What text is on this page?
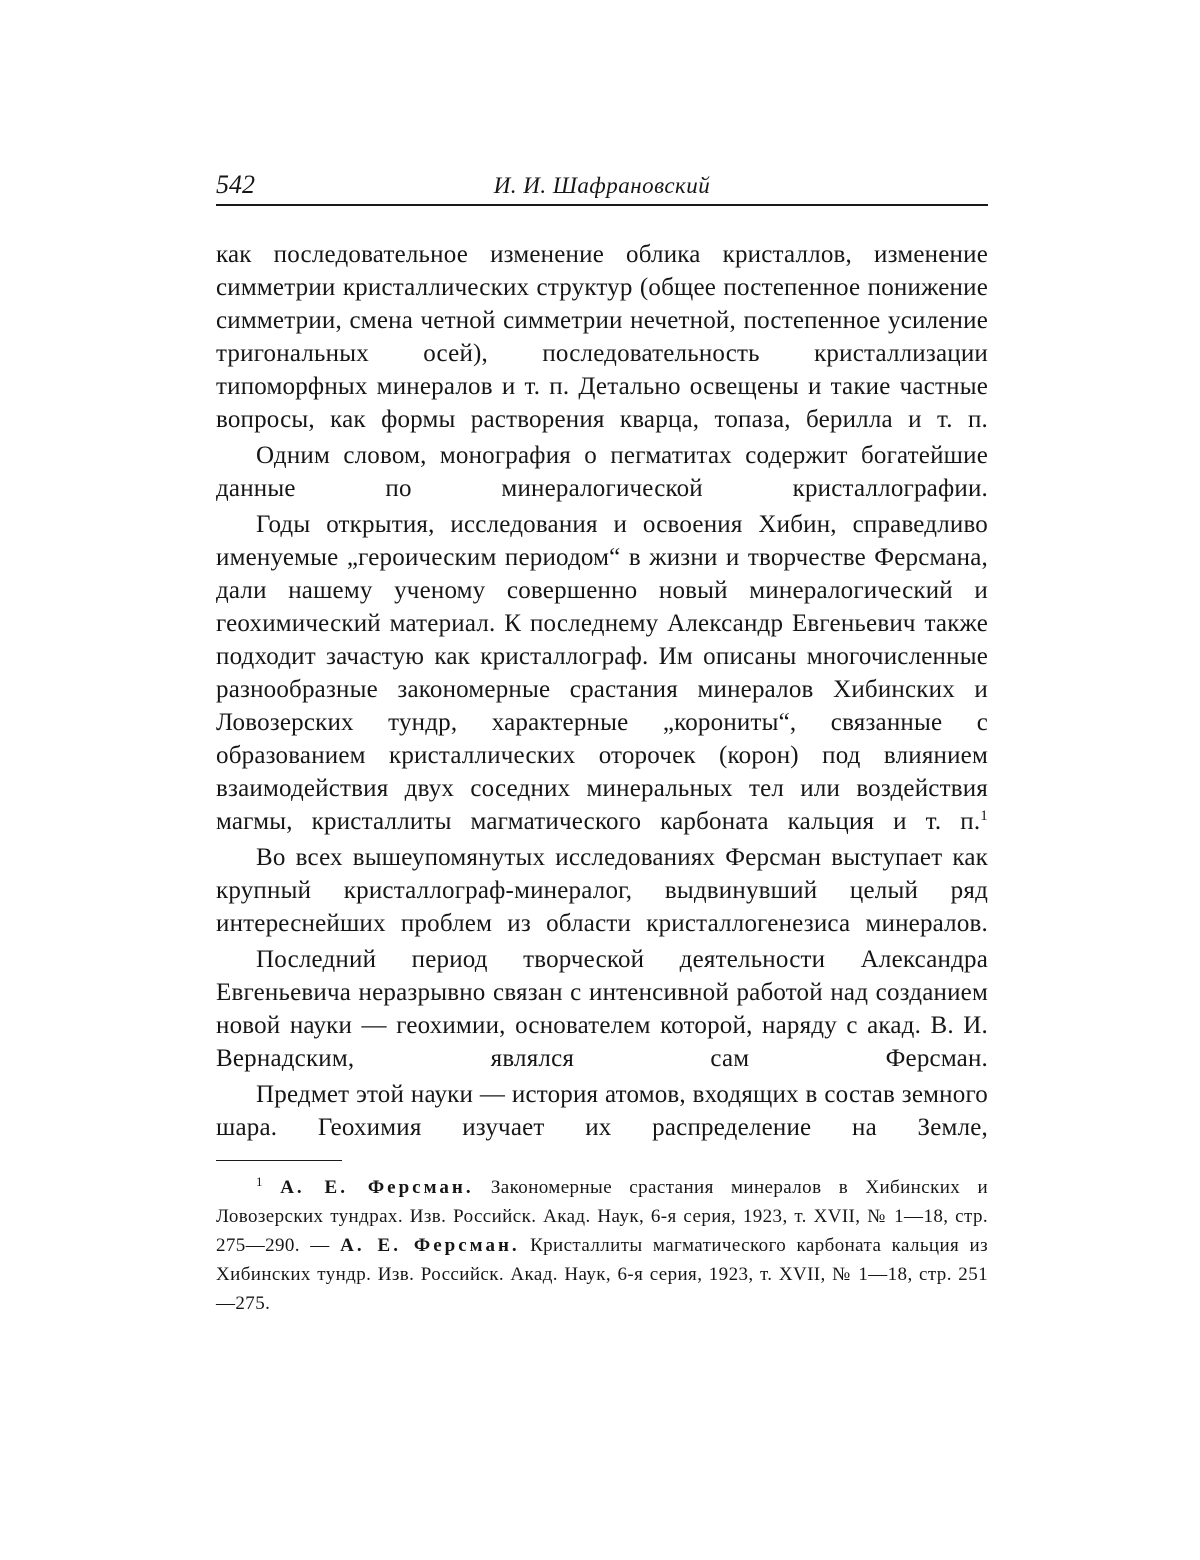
542	И. И. Шафрановский

как последовательное изменение облика кристаллов, изменение симметрии кристаллических структур (общее постепенное понижение симметрии, смена четной симметрии нечетной, постепенное усиление тригональных осей), последовательность кристаллизации типоморфных минералов и т. п. Детально освещены и такие частные вопросы, как формы растворения кварца, топаза, берилла и т. п.

Одним словом, монография о пегматитах содержит богатейшие данные по минералогической кристаллографии.

Годы открытия, исследования и освоения Хибин, справедливо именуемые „героическим периодом“ в жизни и творчестве Ферсмана, дали нашему ученому совершенно новый минералогический и геохимический материал. К последнему Александр Евгеньевич также подходит зачастую как кристаллограф. Им описаны многочисленные разнообразные закономерные срастания минералов Хибинских и Ловозерских тундр, характерные „корониты“, связанные с образованием кристаллических оторочек (корон) под влиянием взаимодействия двух соседних минеральных тел или воздействия магмы, кристаллиты магматического карбоната кальция и т. п.$^1$

Во всех вышеупомянутых исследованиях Ферсман выступает как крупный кристаллограф-минералог, выдвинувший целый ряд интереснейших проблем из области кристаллогенезиса минералов.

Последний период творческой деятельности Александра Евгеньевича неразрывно связан с интенсивной работой над созданием новой науки — геохимии, основателем которой, наряду с акад. В. И. Вернадским, являлся сам Ферсман.

Предмет этой науки — история атомов, входящих в состав земного шара. Геохимия изучает их распределение на Земле,

$^1$ А. Е. Ферсман. Закономерные срастания минералов в Хибинских и Ловозерских тундрах. Изв. Российск. Акад. Наук, 6-я серия, 1923, т. XVII, № 1—18, стр. 275—290. — А. Е. Ферсман. Кристаллиты магматического карбоната кальция из Хибинских тундр. Изв. Российск. Акад. Наук, 6-я серия, 1923, т. XVII, № 1—18, стр. 251—275.
